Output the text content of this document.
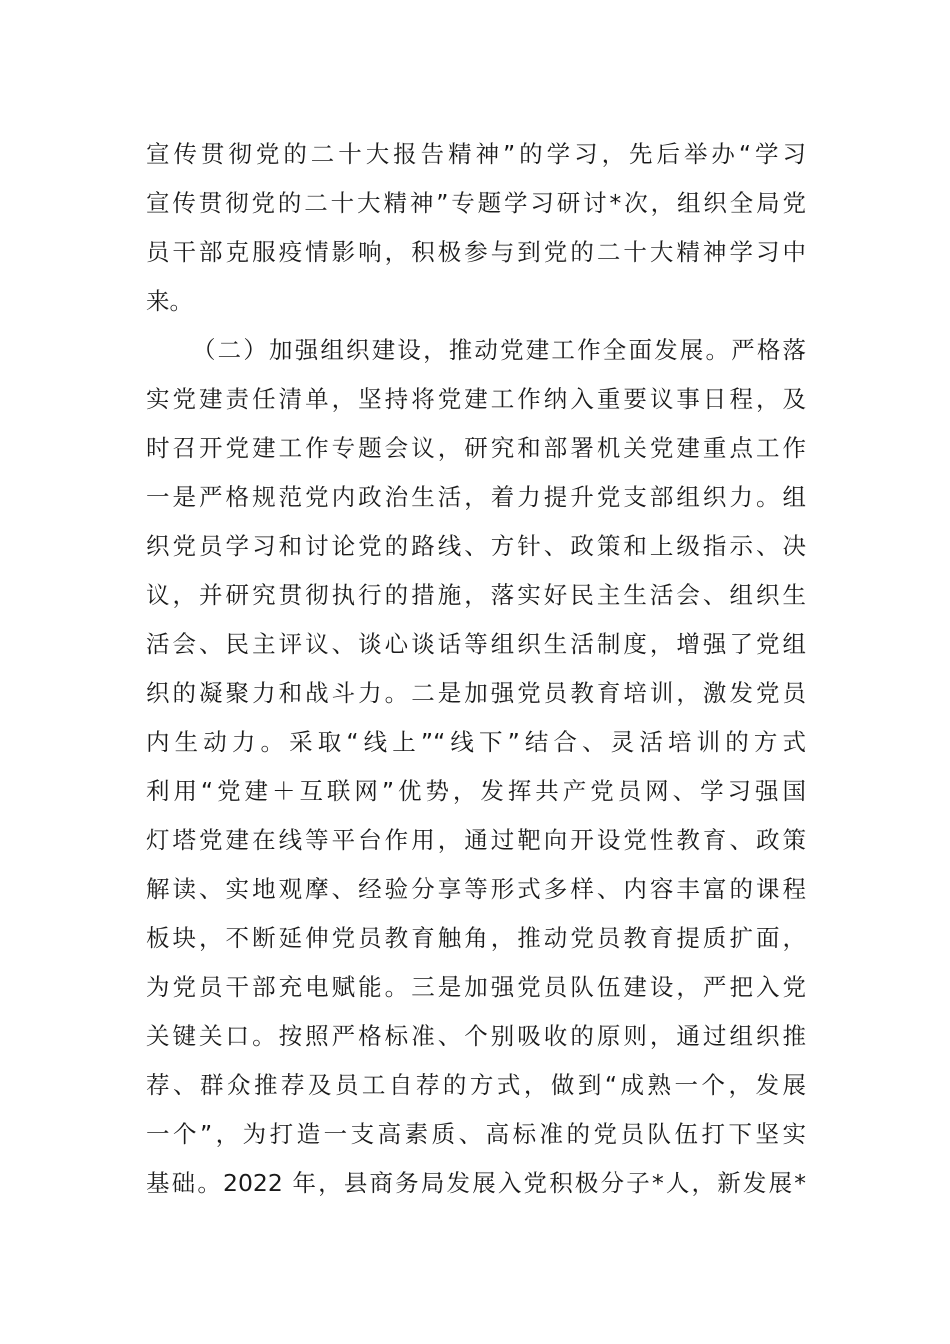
宣传贯彻党的二十大报告精神”的学习，先后举办“学习
宣传贯彻党的二十大精神”专题学习研讨*次，组织全局党
员干部克服疫情影响，积极参与到党的二十大精神学习中
来。
（二）加强组织建设，推动党建工作全面发展。严格落
实党建责任清单，坚持将党建工作纳入重要议事日程，及
时召开党建工作专题会议，研究和部署机关党建重点工作
一是严格规范党内政治生活，着力提升党支部组织力。组
织党员学习和讨论党的路线、方针、政策和上级指示、决
议，并研究贯彻执行的措施，落实好民主生活会、组织生
活会、民主评议、谈心谈话等组织生活制度，增强了党组
织的凝聚力和战斗力。二是加强党员教育培训，激发党员
内生动力。采取“线上”“线下”结合、灵活培训的方式
利用“党建＋互联网”优势，发挥共产党员网、学习强国
灯塔党建在线等平台作用，通过靶向开设党性教育、政策
解读、实地观摩、经验分享等形式多样、内容丰富的课程
板块，不断延伸党员教育触角，推动党员教育提质扩面，
为党员干部充电赋能。三是加强党员队伍建设，严把入党
关键关口。按照严格标准、个别吸收的原则，通过组织推
荐、群众推荐及员工自荐的方式，做到“成熟一个，发展
一个”，为打造一支高素质、高标准的党员队伍打下坚实
基础。2022 年，县商务局发展入党积极分子*人，新发展*
